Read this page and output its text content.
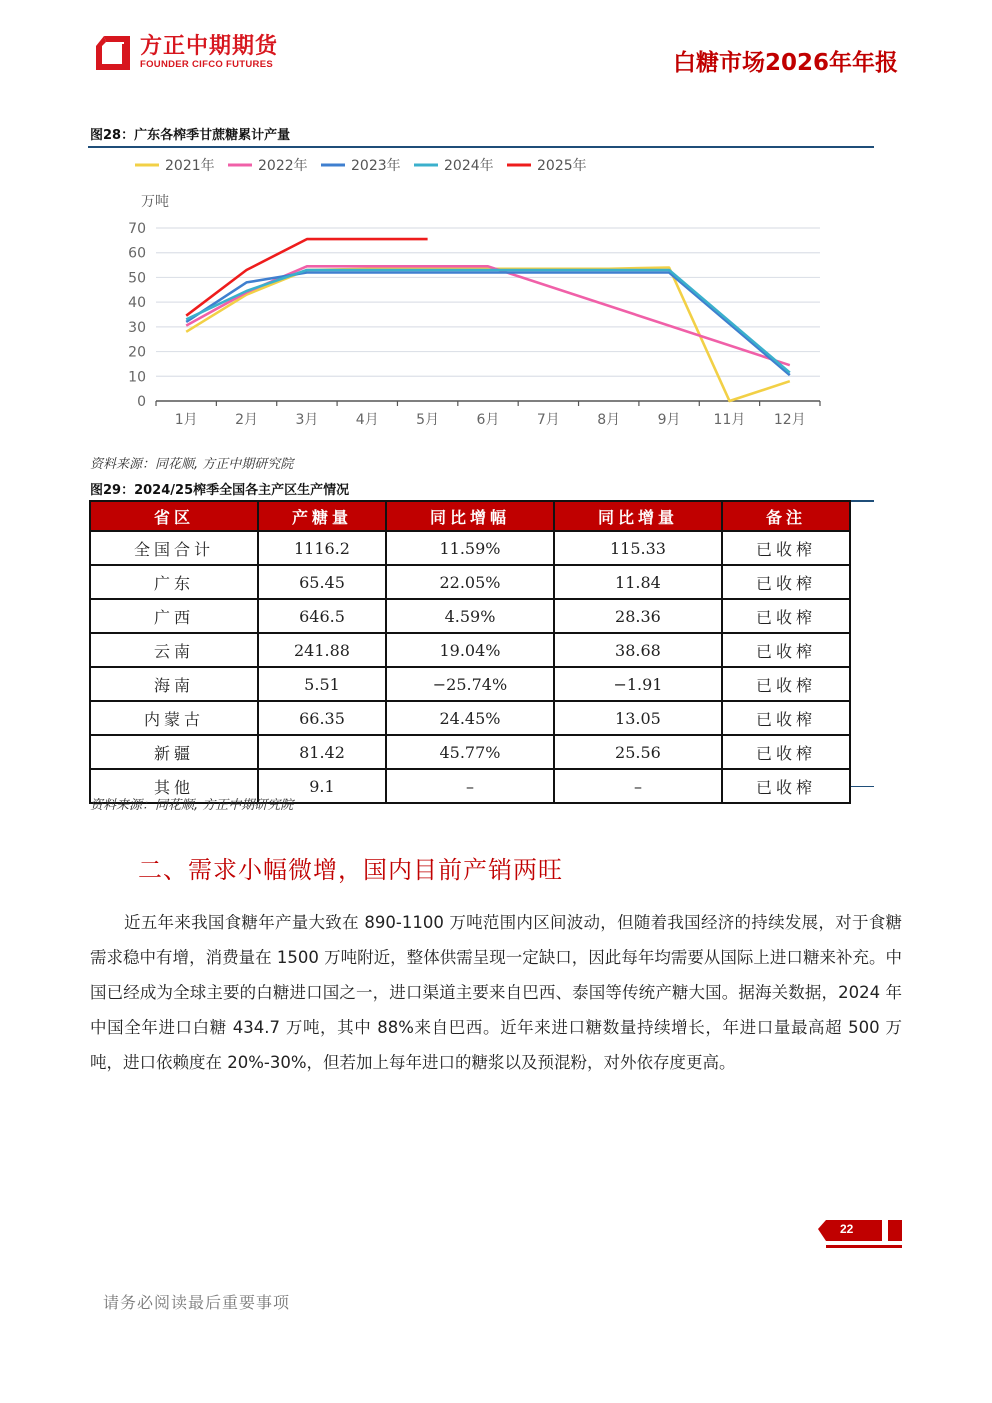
方正中期期货
FOUNDER CIFCO FUTURES	白糖市场2026年年报
图28：广东各榨季甘蔗糖累计产量
2021年	2022年	2023年	2024年	2025年
万吨
0
10
20
30
40
50
60
70
1月	2月	3月	4月	5月	6月	7月	8月	9月 11月 12月
资料来源：同花顺, 方正中期研究院
图29：2024/25榨季全国各主产区生产情况
省区	产糖量	同比增幅	同比增量	备注
全国合计	1116.2	11.59%	115.33	已收榨
广东	65.45	22.05%	11.84	已收榨
广西	646.5	4.59%	28.36	已收榨
云南	241.88	19.04%	38.68	已收榨
海南	5.51	−25.74%	−1.91	已收榨
内蒙古	66.35	24.45%	13.05	已收榨
新疆	81.42	45.77%	25.56	已收榨
其他	9.1	–	–	已收榨
资料来源：同花顺, 方正中期研究院
二、需求小幅微增，国内目前产销两旺
近五年来我国食糖年产量大致在 890-1100 万吨范围内区间波动，但随着我国经济的持续发展，对于食糖需求稳中有增，消费量在 1500 万吨附近，整体供需呈现一定缺口，因此每年均需要从国际上进口糖来补充。中国已经成为全球主要的白糖进口国之一，进口渠道主要来自巴西、泰国等传统产糖大国。据海关数据，2024 年中国全年进口白糖 434.7 万吨，其中 88%来自巴西。近年来进口糖数量持续增长，年进口量最高超 500 万吨，进口依赖度在 20%-30%，但若加上每年进口的糖浆以及预混粉，对外依存度更高。
22
请务必阅读最后重要事项
